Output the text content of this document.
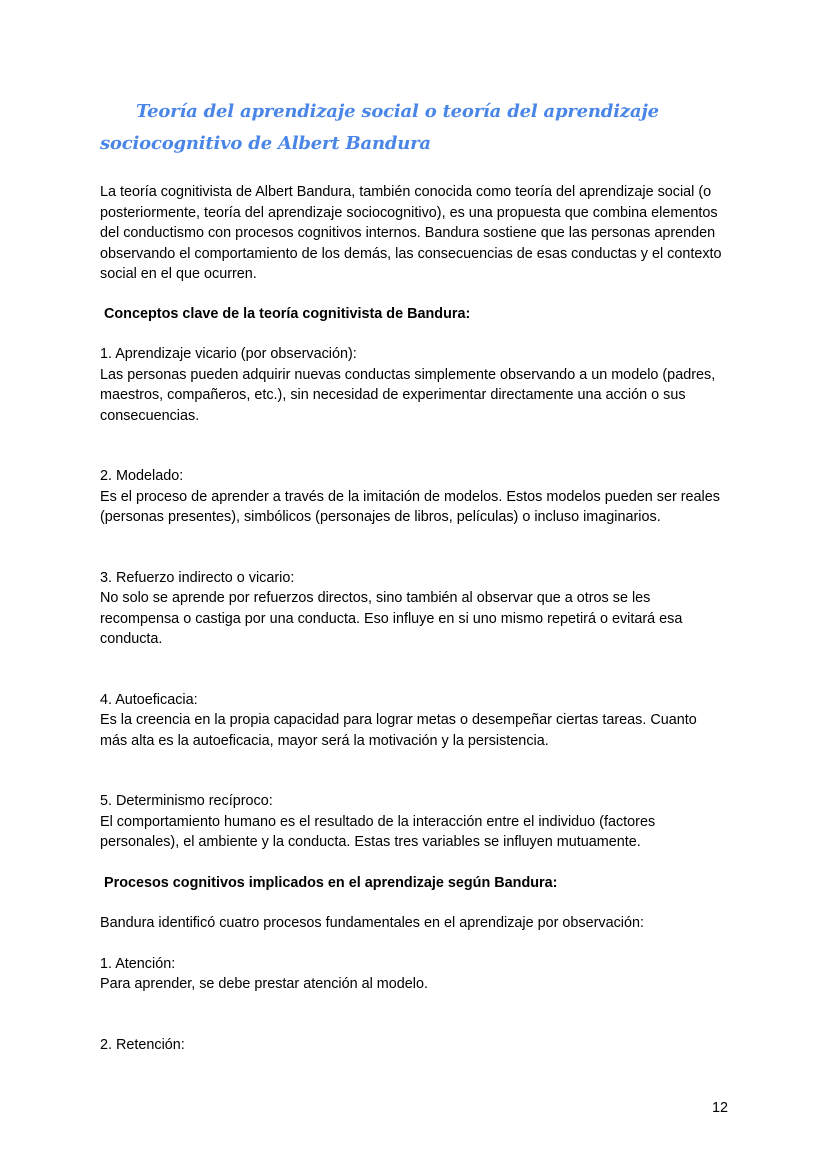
Teoría del aprendizaje social o teoría del aprendizaje sociocognitivo de Albert Bandura

La teoría cognitivista de Albert Bandura, también conocida como teoría del aprendizaje social (o posteriormente, teoría del aprendizaje sociocognitivo), es una propuesta que combina elementos del conductismo con procesos cognitivos internos. Bandura sostiene que las personas aprenden observando el comportamiento de los demás, las consecuencias de esas conductas y el contexto social en el que ocurren.

Conceptos clave de la teoría cognitivista de Bandura:

1. Aprendizaje vicario (por observación):

Las personas pueden adquirir nuevas conductas simplemente observando a un modelo (padres, maestros, compañeros, etc.), sin necesidad de experimentar directamente una acción o sus consecuencias.

2. Modelado:

Es el proceso de aprender a través de la imitación de modelos. Estos modelos pueden ser reales (personas presentes), simbólicos (personajes de libros, películas) o incluso imaginarios.

3. Refuerzo indirecto o vicario:

No solo se aprende por refuerzos directos, sino también al observar que a otros se les recompensa o castiga por una conducta. Eso influye en si uno mismo repetirá o evitará esa conducta.

4. Autoeficacia:

Es la creencia en la propia capacidad para lograr metas o desempeñar ciertas tareas. Cuanto más alta es la autoeficacia, mayor será la motivación y la persistencia.

5. Determinismo recíproco:

El comportamiento humano es el resultado de la interacción entre el individuo (factores personales), el ambiente y la conducta. Estas tres variables se influyen mutuamente.

Procesos cognitivos implicados en el aprendizaje según Bandura:

Bandura identificó cuatro procesos fundamentales en el aprendizaje por observación:

1. Atención:

Para aprender, se debe prestar atención al modelo.

2. Retención:

12
